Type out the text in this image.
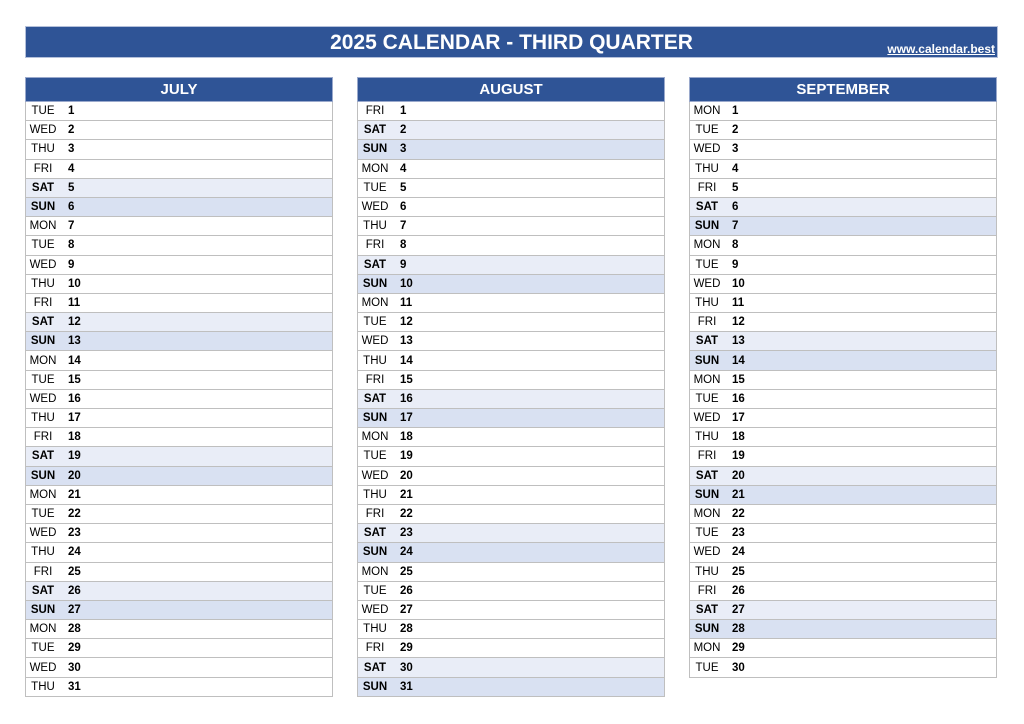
2025 CALENDAR - THIRD QUARTER	www.calendar.best
JULY
TUE	1
WED 2
THU	3
FRI	4
SAT	5
SUN	6
MON 7
TUE	8
WED 9
THU	10
FRI	11
SAT	12
SUN	13
MON 14
TUE	15
WED 16
THU	17
FRI	18
SAT	19
SUN	20
MON 21
TUE	22
WED 23
THU	24
FRI	25
SAT	26
SUN	27
MON 28
TUE	29
WED 30
THU	31
AUGUST
FRI	1
SAT	2
SUN	3
MON 4
TUE	5
WED 6
THU	7
FRI	8
SAT	9
SUN	10
MON 11
TUE	12
WED 13
THU	14
FRI	15
SAT	16
SUN	17
MON 18
TUE	19
WED 20
THU	21
FRI	22
SAT	23
SUN	24
MON 25
TUE	26
WED 27
THU	28
FRI	29
SAT	30
SUN	31
SEPTEMBER
MON 1
TUE	2
WED 3
THU	4
FRI	5
SAT	6
SUN	7
MON 8
TUE	9
WED 10
THU	11
FRI	12
SAT	13
SUN	14
MON 15
TUE	16
WED 17
THU	18
FRI	19
SAT	20
SUN	21
MON 22
TUE	23
WED 24
THU	25
FRI	26
SAT	27
SUN	28
MON 29
TUE	30
